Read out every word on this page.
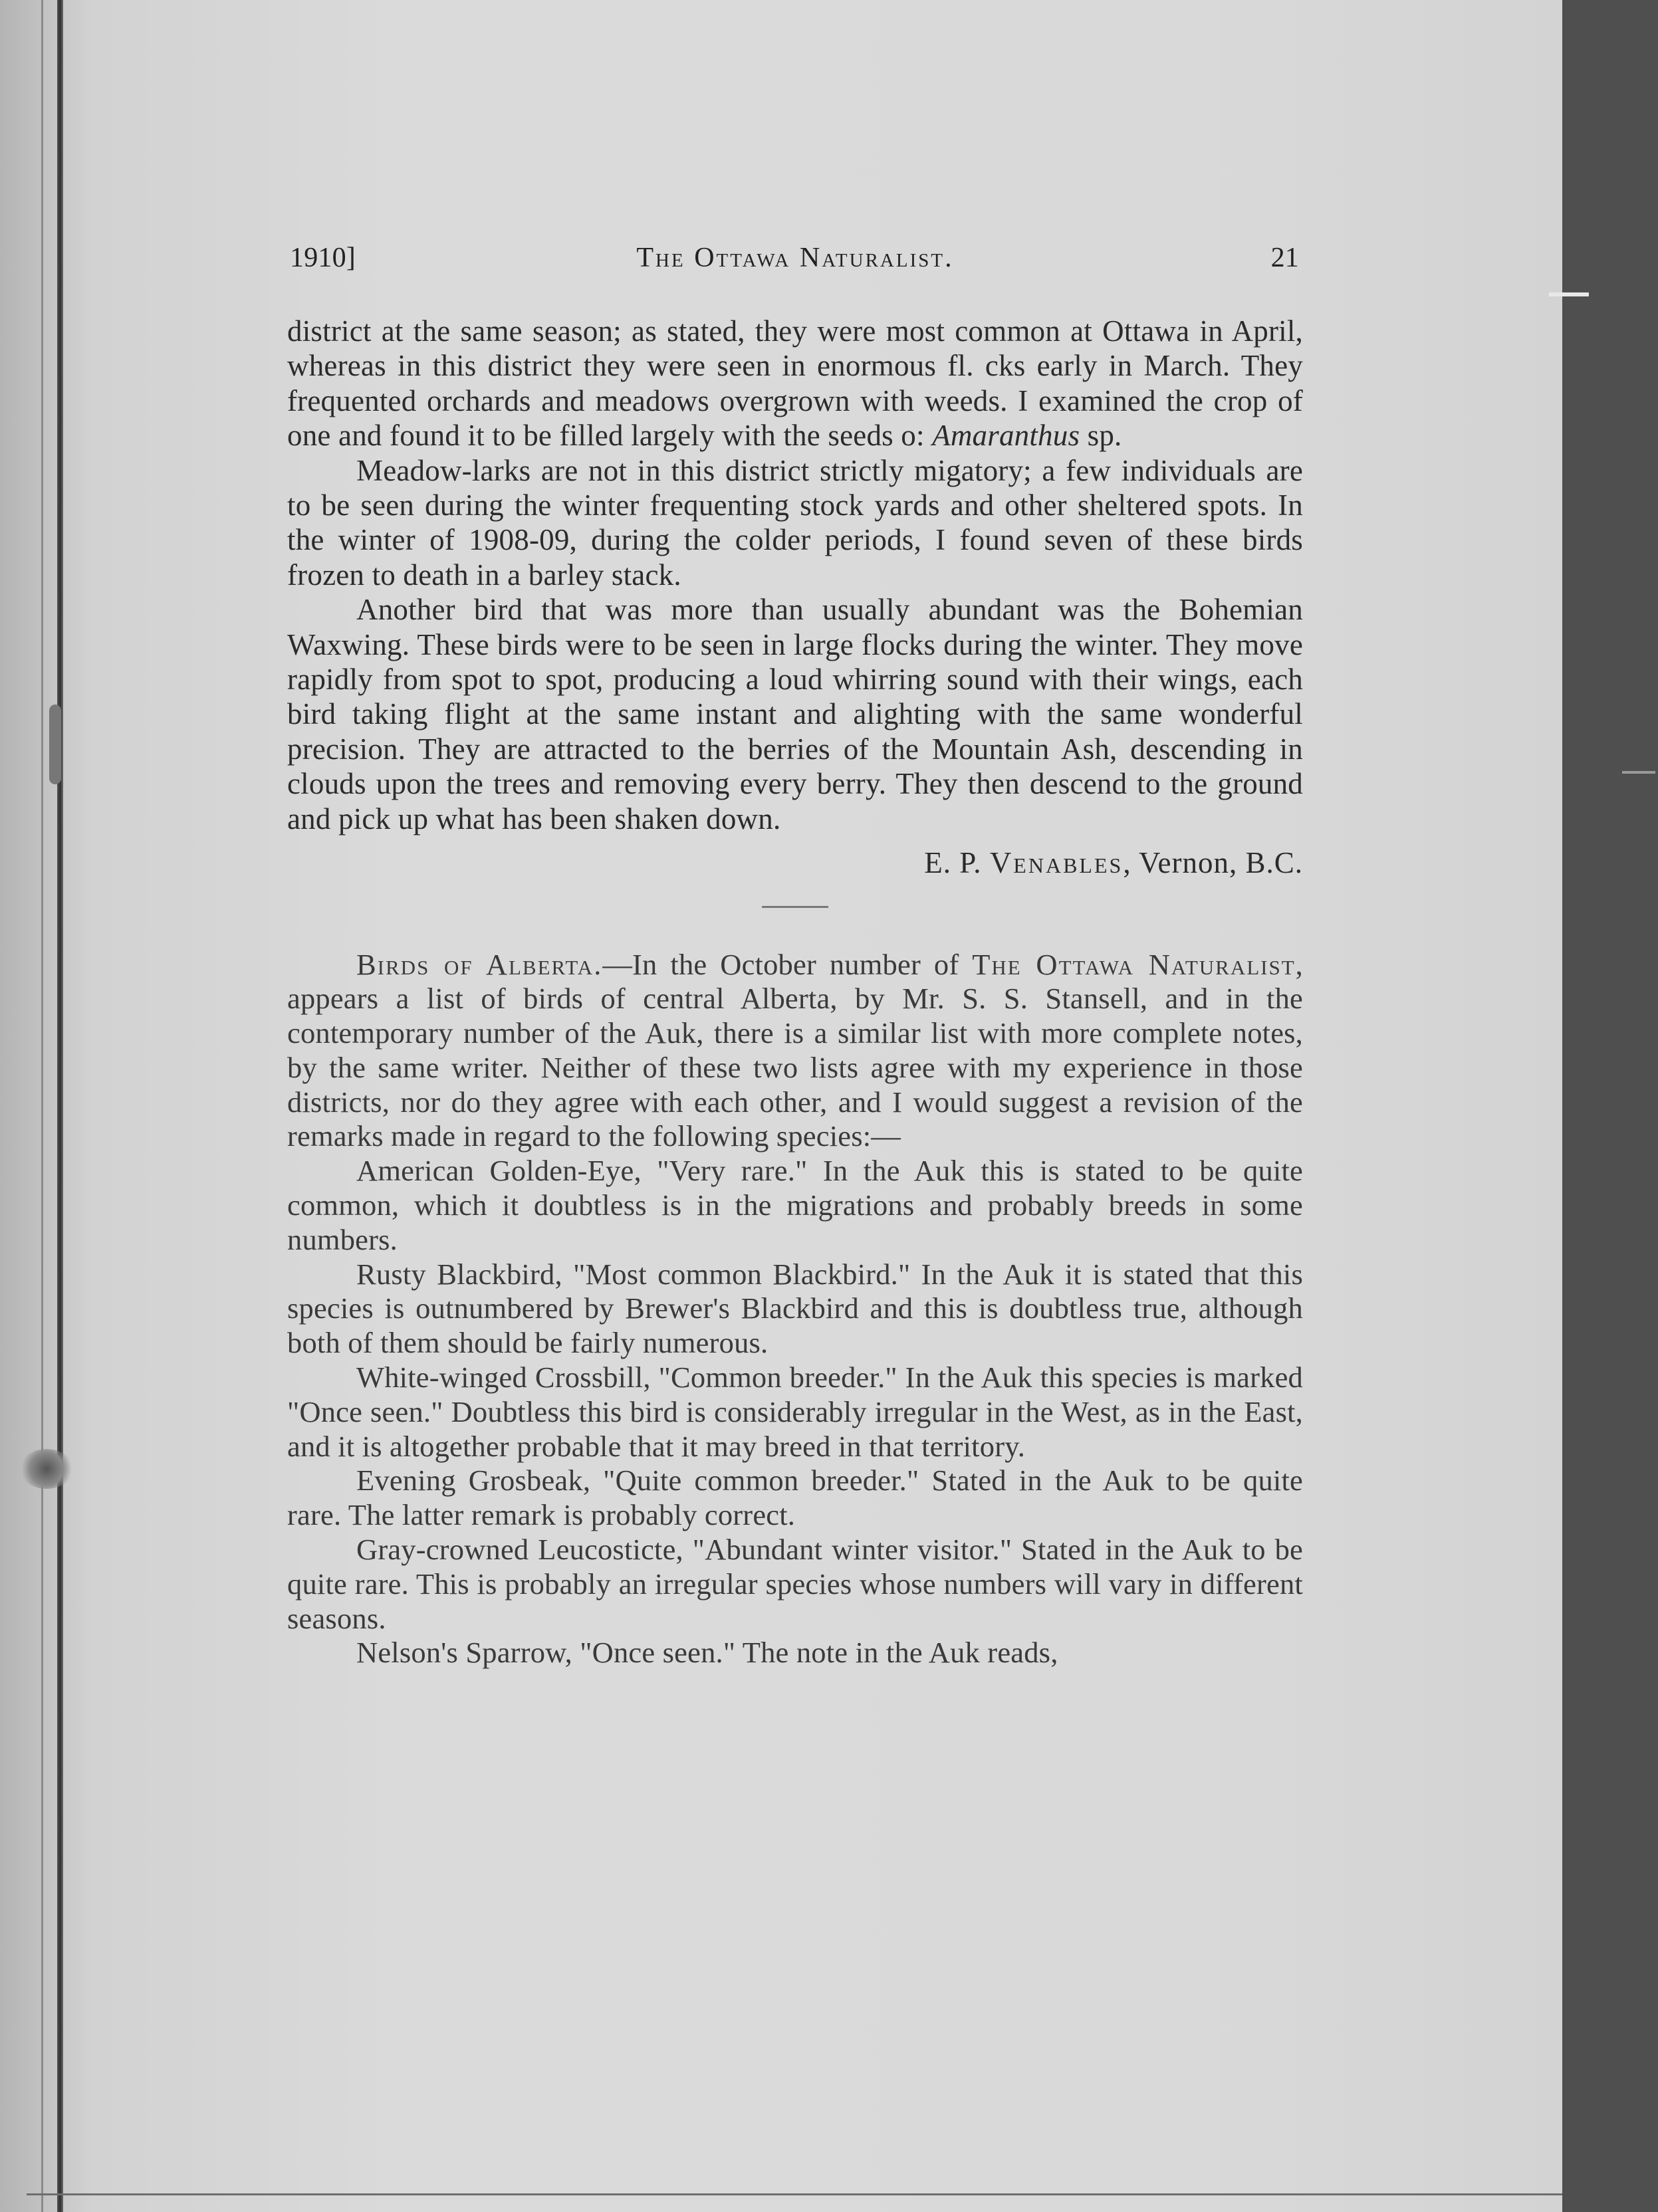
1910]	The Ottawa Naturalist.	21

district at the same season; as stated, they were most common at Ottawa in April, whereas in this district they were seen in enormous fl. cks early in March. They frequented orchards and meadows overgrown with weeds. I examined the crop of one and found it to be filled largely with the seeds o: Amaranthus sp.

Meadow-larks are not in this district strictly migatory; a few individuals are to be seen during the winter frequenting stock yards and other sheltered spots. In the winter of 1908-09, during the colder periods, I found seven of these birds frozen to death in a barley stack.

Another bird that was more than usually abundant was the Bohemian Waxwing. These birds were to be seen in large flocks during the winter. They move rapidly from spot to spot, producing a loud whirring sound with their wings, each bird taking flight at the same instant and alighting with the same wonderful precision. They are attracted to the berries of the Mountain Ash, descending in clouds upon the trees and removing every berry. They then descend to the ground and pick up what has been shaken down.

E. P. Venables, Vernon, B.C.

Birds of Alberta.—In the October number of The Ottawa Naturalist, appears a list of birds of central Alberta, by Mr. S. S. Stansell, and in the contemporary number of the Auk, there is a similar list with more complete notes, by the same writer. Neither of these two lists agree with my experience in those districts, nor do they agree with each other, and I would suggest a revision of the remarks made in regard to the following species:—

American Golden-Eye, "Very rare." In the Auk this is stated to be quite common, which it doubtless is in the migrations and probably breeds in some numbers.

Rusty Blackbird, "Most common Blackbird." In the Auk it is stated that this species is outnumbered by Brewer's Blackbird and this is doubtless true, although both of them should be fairly numerous.

White-winged Crossbill, "Common breeder." In the Auk this species is marked "Once seen." Doubtless this bird is considerably irregular in the West, as in the East, and it is altogether probable that it may breed in that territory.

Evening Grosbeak, "Quite common breeder." Stated in the Auk to be quite rare. The latter remark is probably correct.

Gray-crowned Leucosticte, "Abundant winter visitor." Stated in the Auk to be quite rare. This is probably an irregular species whose numbers will vary in different seasons.

Nelson's Sparrow, "Once seen." The note in the Auk reads,
